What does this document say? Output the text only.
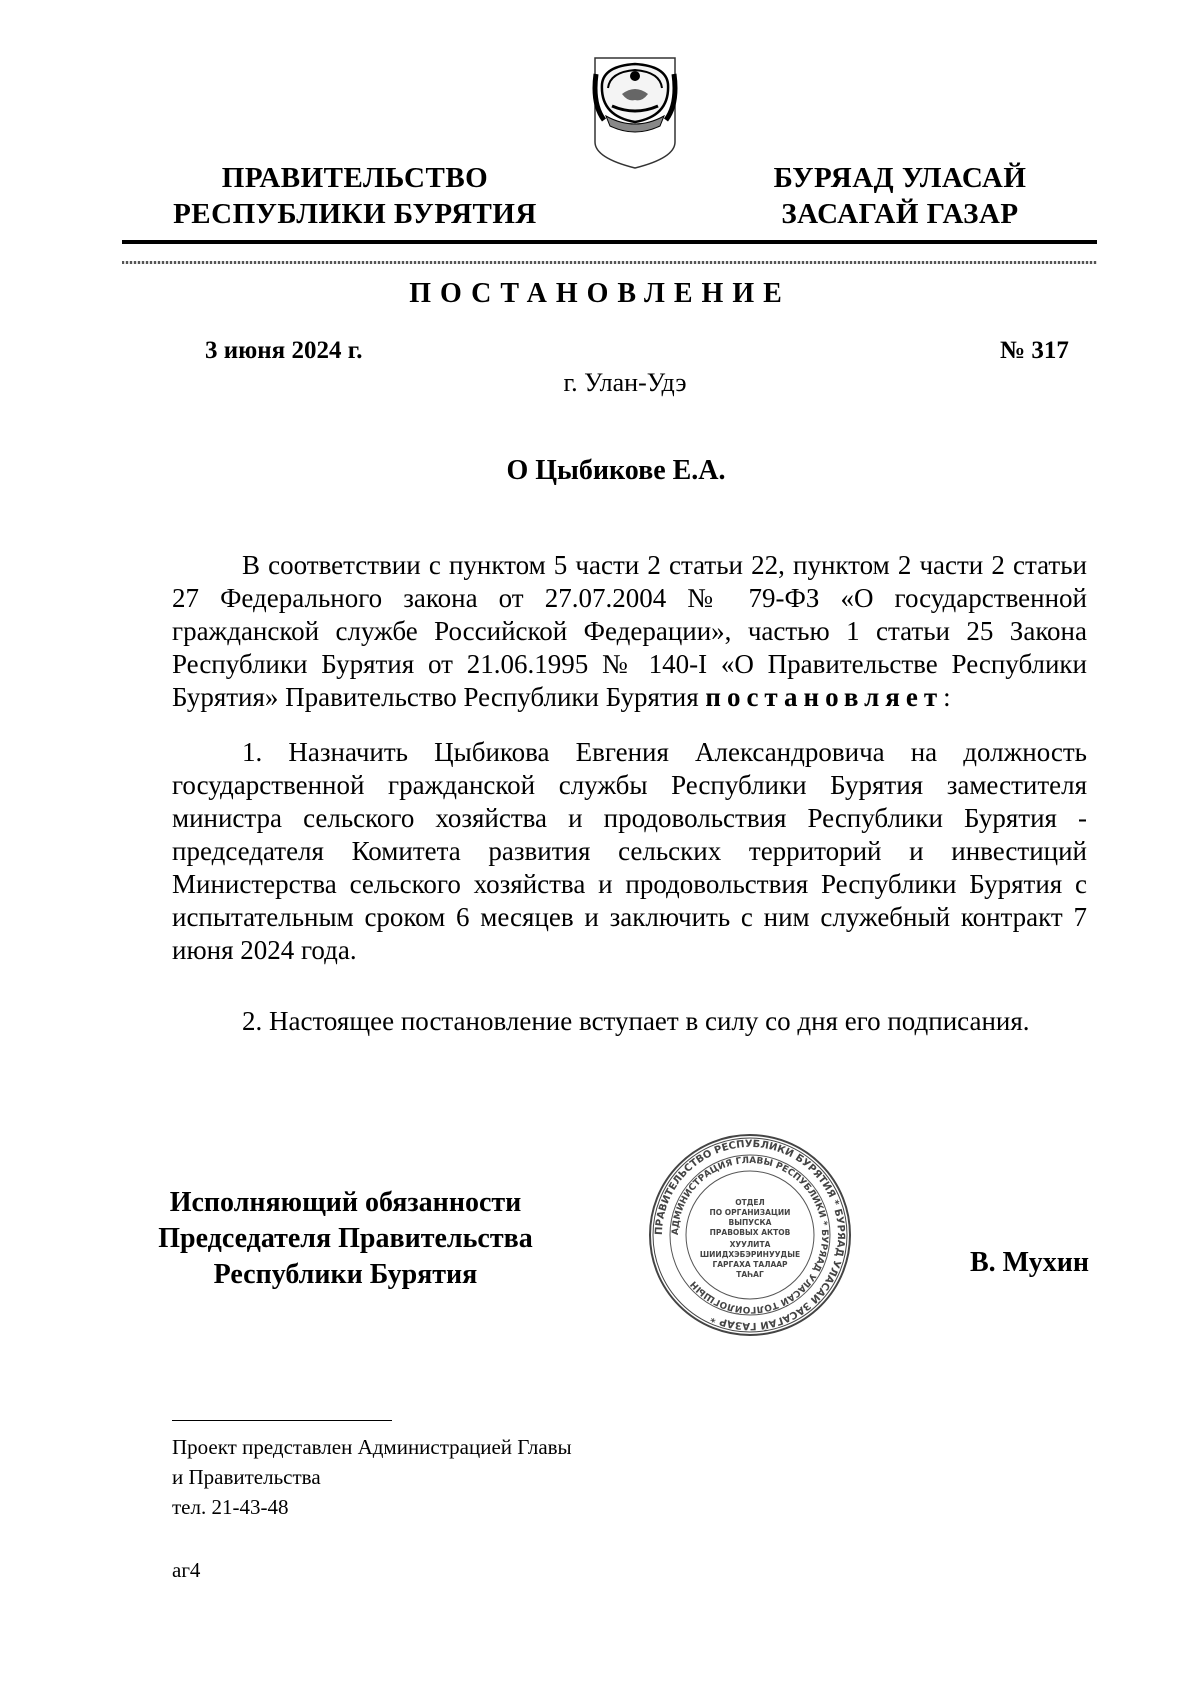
ПРАВИТЕЛЬСТВО
РЕСПУБЛИКИ БУРЯТИЯ
БУРЯАД УЛАСАЙ
ЗАСАГАЙ ГАЗАР
ПОСТАНОВЛЕНИЕ
3 июня 2024 г.	№ 317
г. Улан-Удэ
О Цыбикове Е.А.

В соответствии с пунктом 5 части 2 статьи 22, пунктом 2 части 2 статьи 27 Федерального закона от 27.07.2004 № 79-ФЗ «О государственной гражданской службе Российской Федерации», частью 1 статьи 25 Закона Республики Бурятия от 21.06.1995 № 140-I «О Правительстве Республики Бурятия» Правительство Республики Бурятия постановляет:

1. Назначить Цыбикова Евгения Александровича на должность государственной гражданской службы Республики Бурятия заместителя министра сельского хозяйства и продовольствия Республики Бурятия - председателя Комитета развития сельских территорий и инвестиций Министерства сельского хозяйства и продовольствия Республики Бурятия с испытательным сроком 6 месяцев и заключить с ним служебный контракт 7 июня 2024 года.

2. Настоящее постановление вступает в силу со дня его подписания.

Исполняющий обязанности
Председателя Правительства
Республики Бурятия
ПРАВИТЕЛЬСТВО РЕСПУБЛИКИ БУРЯТИЯ * БУРЯАД УЛАСАЙ ЗАСАГАЙ ГАЗАР *
АДМИНИСТРАЦИЯ ГЛАВЫ РЕСПУБЛИКИ * БУРЯАД УЛАСАЙ ТОЛГОЙЛОГШЫН
ОТДЕЛ
ПО ОРГАНИЗАЦИИ
ВЫПУСКА
ПРАВОВЫХ АКТОВ
ХУУЛИТА
ШИИДХЭБЭРИНУУДЫЕ
ГАРГАХА ТАЛААР
ТАҺАГ	В. Мухин
Проект представлен Администрацией Главы
и Правительства
тел. 21-43-48
аг4
